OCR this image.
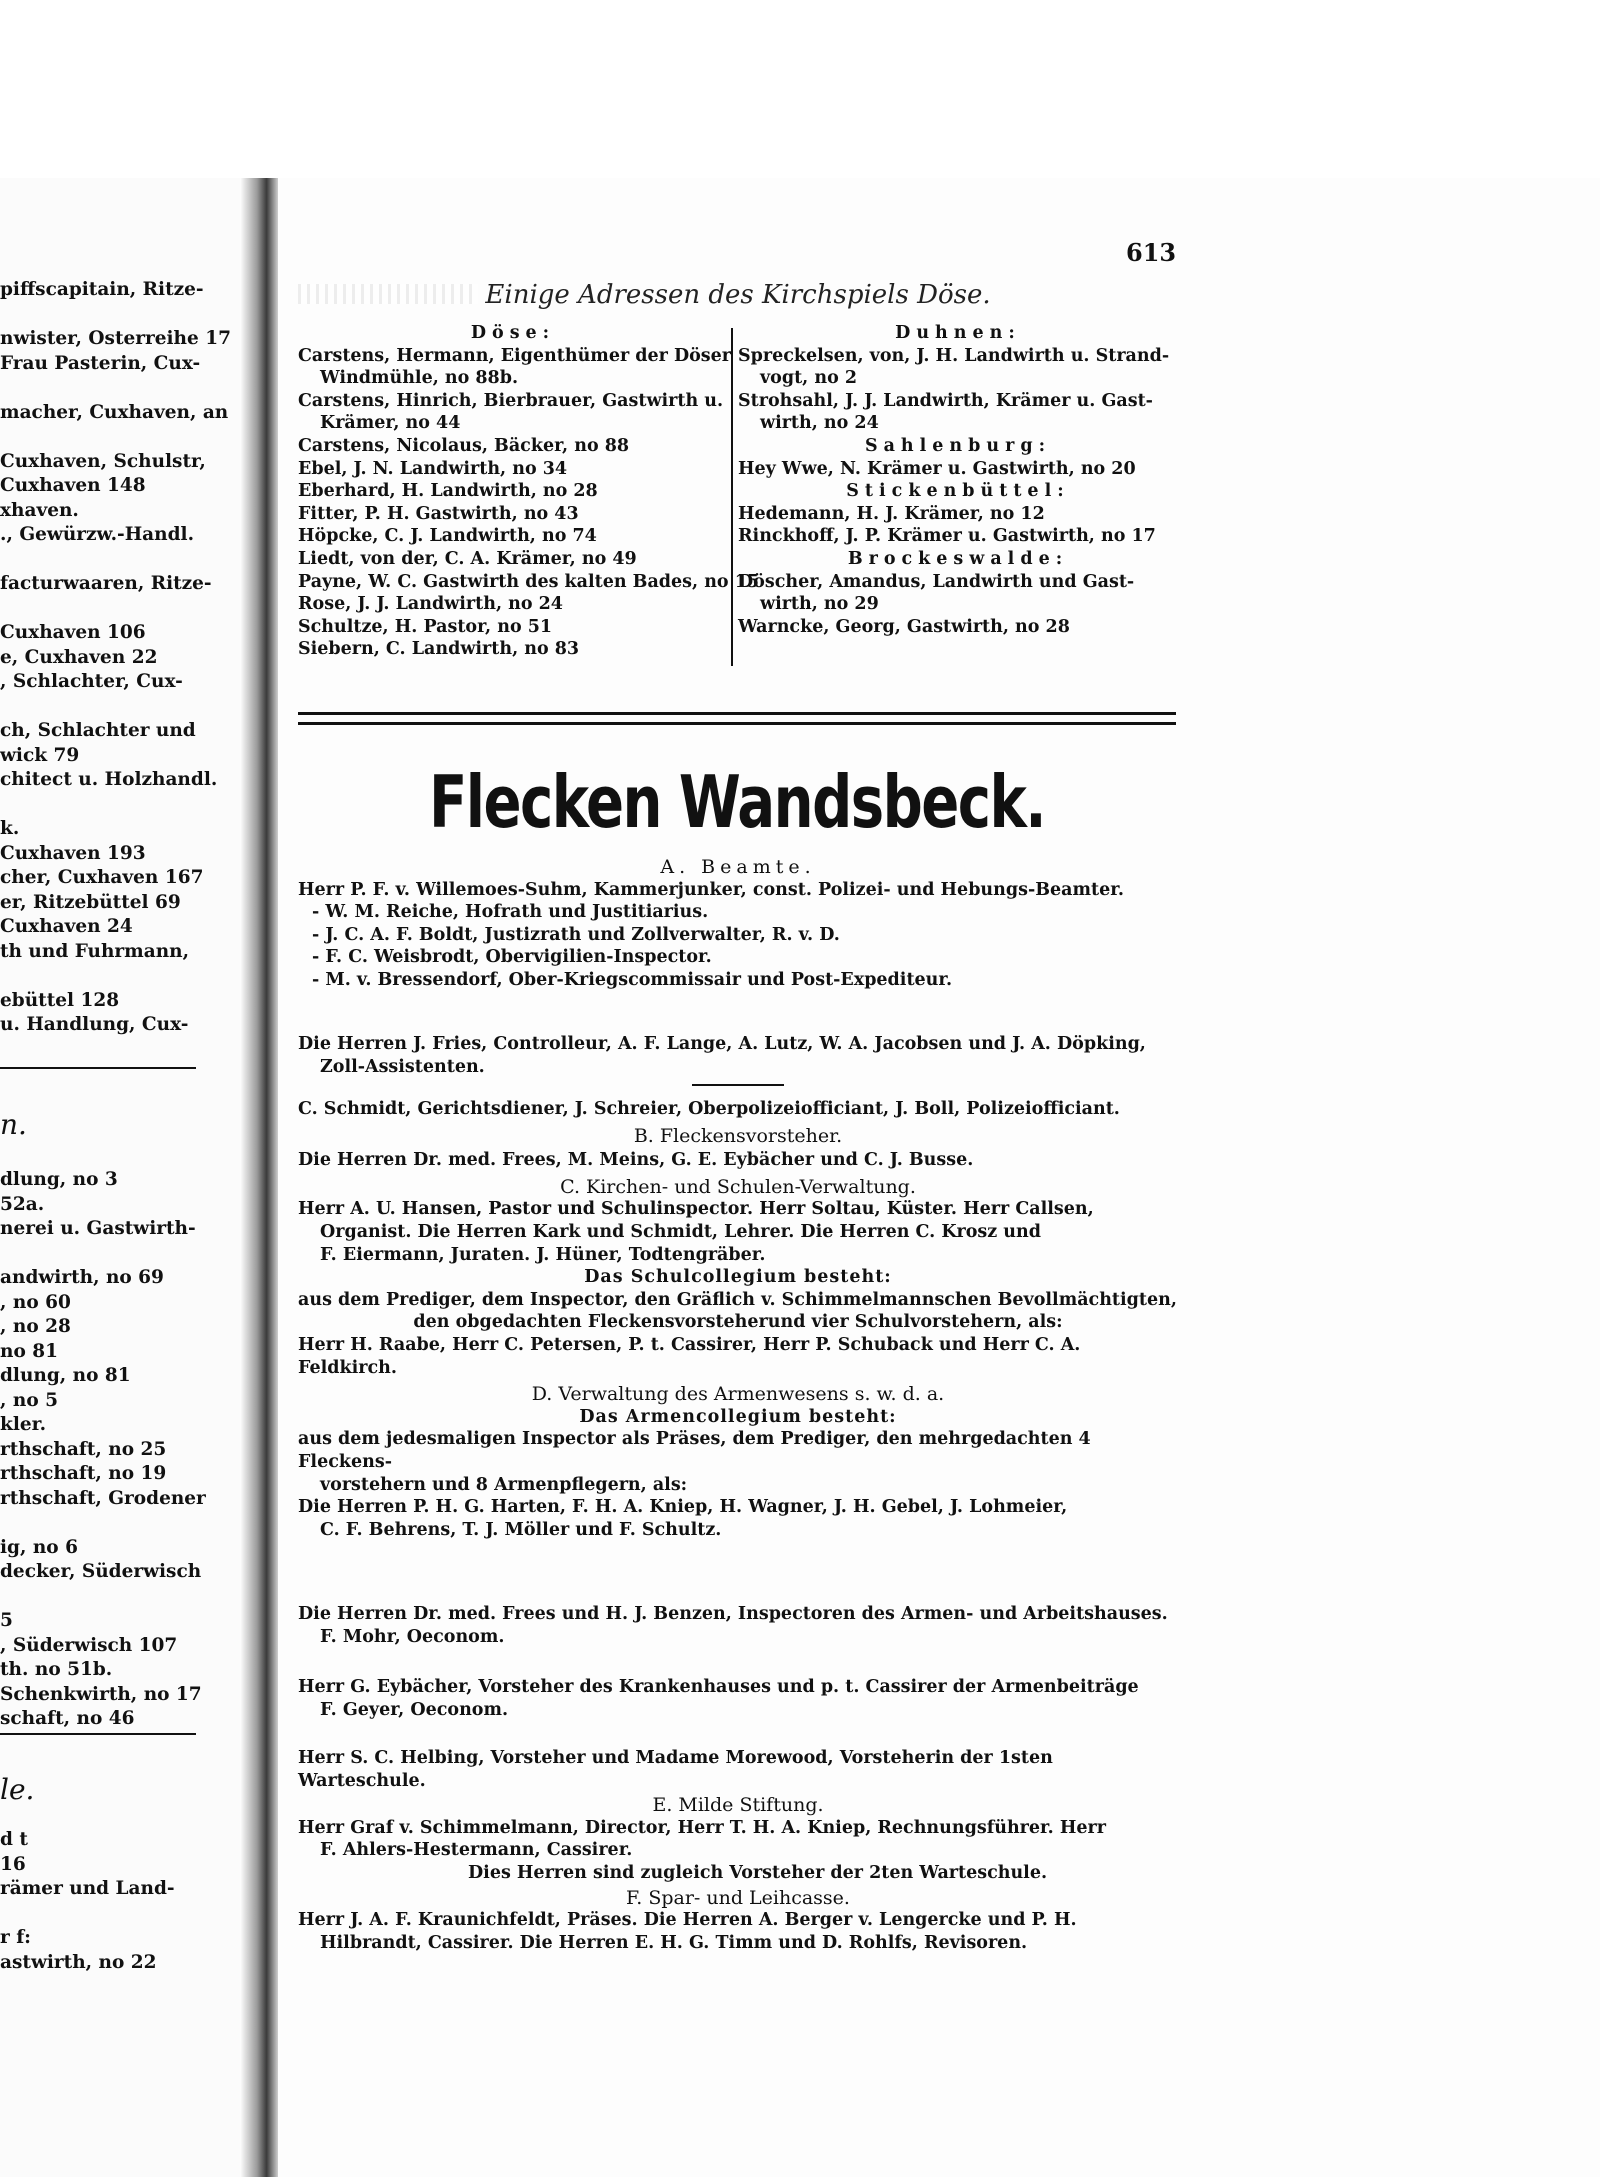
piffscapitain, Ritze-
nwister, Osterreihe 17
Frau Pasterin, Cux-
macher, Cuxhaven, an
Cuxhaven, Schulstr,
Cuxhaven 148
xhaven.
., Gewürzw.-Handl.
facturwaaren, Ritze-
Cuxhaven 106
e, Cuxhaven 22
, Schlachter, Cux-
ch, Schlachter und
wick 79
chitect u. Holzhandl.
k.
Cuxhaven 193
cher, Cuxhaven 167
er, Ritzebüttel 69
Cuxhaven 24
th und Fuhrmann,
ebüttel 128
u. Handlung, Cux-
n.
dlung, no 3
52a.
nerei u. Gastwirth-
andwirth, no 69
, no 60
, no 28
no 81
dlung, no 81
, no 5
kler.
rthschaft, no 25
rthschaft, no 19
rthschaft, Grodener
ig, no 6
decker, Süderwisch
5
, Süderwisch 107
th. no 51b.
Schenkwirth, no 17
schaft, no 46
le.
d t
16
rämer und Land-
r f:
astwirth, no 22
613
Einige Adressen des Kirchspiels Döse.
Döse:
Carstens, Hermann, Eigenthümer der Döser
Windmühle, no 88b.
Carstens, Hinrich, Bierbrauer, Gastwirth u.
Krämer, no 44
Carstens, Nicolaus, Bäcker, no 88
Ebel, J. N. Landwirth, no 34
Eberhard, H. Landwirth, no 28
Fitter, P. H. Gastwirth, no 43
Höpcke, C. J. Landwirth, no 74
Liedt, von der, C. A. Krämer, no 49
Payne, W. C. Gastwirth des kalten Bades, no 15
Rose, J. J. Landwirth, no 24
Schultze, H. Pastor, no 51
Siebern, C. Landwirth, no 83
Duhnen:
Spreckelsen, von, J. H. Landwirth u. Strand-
vogt, no 2
Strohsahl, J. J. Landwirth, Krämer u. Gast-
wirth, no 24
Sahlenburg:
Hey Wwe, N. Krämer u. Gastwirth, no 20
Stickenbüttel:
Hedemann, H. J. Krämer, no 12
Rinckhoff, J. P. Krämer u. Gastwirth, no 17
Brockeswalde:
Döscher, Amandus, Landwirth und Gast-
wirth, no 29
Warncke, Georg, Gastwirth, no 28
Flecken Wandsbeck.
A. Beamte.
Herr P. F. v. Willemoes-Suhm, Kammerjunker, const. Polizei- und Hebungs-Beamter.
- W. M. Reiche, Hofrath und Justitiarius.
- J. C. A. F. Boldt, Justizrath und Zollverwalter, R. v. D.
- F. C. Weisbrodt, Obervigilien-Inspector.
- M. v. Bressendorf, Ober-Kriegscommissair und Post-Expediteur.
Die Herren J. Fries, Controlleur, A. F. Lange, A. Lutz, W. A. Jacobsen und J. A. Döpking,
Zoll-Assistenten.
C. Schmidt, Gerichtsdiener, J. Schreier, Oberpolizeiofficiant, J. Boll, Polizeiofficiant.
B. Fleckensvorsteher.
Die Herren Dr. med. Frees, M. Meins, G. E. Eybächer und C. J. Busse.
C. Kirchen- und Schulen-Verwaltung.
Herr A. U. Hansen, Pastor und Schulinspector. Herr Soltau, Küster. Herr Callsen,
Organist. Die Herren Kark und Schmidt, Lehrer. Die Herren C. Krosz und
F. Eiermann, Juraten. J. Hüner, Todtengräber.
Das Schulcollegium besteht:
aus dem Prediger, dem Inspector, den Gräflich v. Schimmelmannschen Bevollmächtigten,
den obgedachten Fleckensvorsteherund vier Schulvorstehern, als:
Herr H. Raabe, Herr C. Petersen, P. t. Cassirer, Herr P. Schuback und Herr C. A. Feldkirch.
D. Verwaltung des Armenwesens s. w. d. a.
Das Armencollegium besteht:
aus dem jedesmaligen Inspector als Präses, dem Prediger, den mehrgedachten 4 Fleckens-
vorstehern und 8 Armenpflegern, als:
Die Herren P. H. G. Harten, F. H. A. Kniep, H. Wagner, J. H. Gebel, J. Lohmeier,
C. F. Behrens, T. J. Möller und F. Schultz.
Die Herren Dr. med. Frees und H. J. Benzen, Inspectoren des Armen- und Arbeitshauses.
F. Mohr, Oeconom.
Herr G. Eybächer, Vorsteher des Krankenhauses und p. t. Cassirer der Armenbeiträge
F. Geyer, Oeconom.
Herr S. C. Helbing, Vorsteher und Madame Morewood, Vorsteherin der 1sten Warteschule.
E. Milde Stiftung.
Herr Graf v. Schimmelmann, Director, Herr T. H. A. Kniep, Rechnungsführer. Herr
F. Ahlers-Hestermann, Cassirer.
Dies Herren sind zugleich Vorsteher der 2ten Warteschule.
F. Spar- und Leihcasse.
Herr J. A. F. Kraunichfeldt, Präses. Die Herren A. Berger v. Lengercke und P. H.
Hilbrandt, Cassirer. Die Herren E. H. G. Timm und D. Rohlfs, Revisoren.
